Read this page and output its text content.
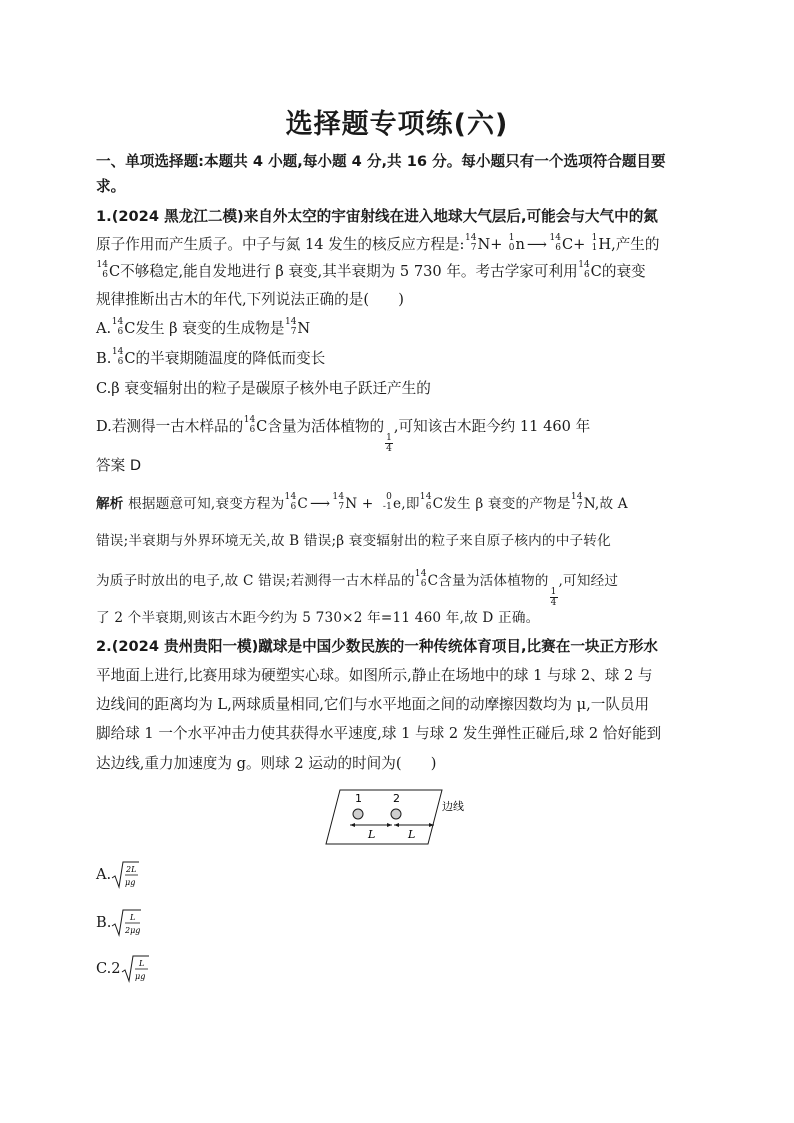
选择题专项练(六)
一、单项选择题:本题共 4 小题,每小题 4 分,共 16 分。每小题只有一个选项符合题目要
求。
1.(2024 黑龙江二模)来自外太空的宇宙射线在进入地球大气层后,可能会与大气中的氮
原子作用而产生质子。中子与氮 14 发生的核反应方程是: 14
7 N+ 1
0 n ⟶ 14
6 C+ 1
1 H,产生的
14
6 C不够稳定,能自发地进行 β 衰变,其半衰期为 5 730 年。考古学家可利用 14
6 C的衰变
规律推断出古木的年代,下列说法正确的是(　　)
A. 14
6 C发生 β 衰变的生成物是 14
7 N
B. 14
6 C的半衰期随温度的降低而变长
C.β 衰变辐射出的粒子是碳原子核外电子跃迁产生的
D.若测得一古木样品的 14
6 C含量为活体植物的
$\frac{1}{4}$
,可知该古木距今约 11 460 年
答案 D
解析 根据题意可知,衰变方程为 14
6 C ⟶ 14
7 N + 0
-1 e,即 14
6 C发生 β 衰变的产物是 14
7 N,故 A
错误;半衰期与外界环境无关,故 B 错误;β 衰变辐射出的粒子来自原子核内的中子转化
为质子时放出的电子,故 C 错误;若测得一古木样品的 14
6 C含量为活体植物的
$\frac{1}{4}$
,可知经过
了 2 个半衰期,则该古木距今约为 5 730×2 年=11 460 年,故 D 正确。
2.(2024 贵州贵阳一模)蹴球是中国少数民族的一种传统体育项目,比赛在一块正方形水
平地面上进行,比赛用球为硬塑实心球。如图所示,静止在场地中的球 1 与球 2、球 2 与
边线间的距离均为 L,两球质量相同,它们与水平地面之间的动摩擦因数均为 μ,一队员用
脚给球 1 一个水平冲击力使其获得水平速度,球 1 与球 2 发生弹性正碰后,球 2 恰好能到
达边线,重力加速度为 g。则球 2 运动的时间为(　　)
1	2
L	L
边线
A. 2L
μg
B. L
2μg
C.2 L
μg
